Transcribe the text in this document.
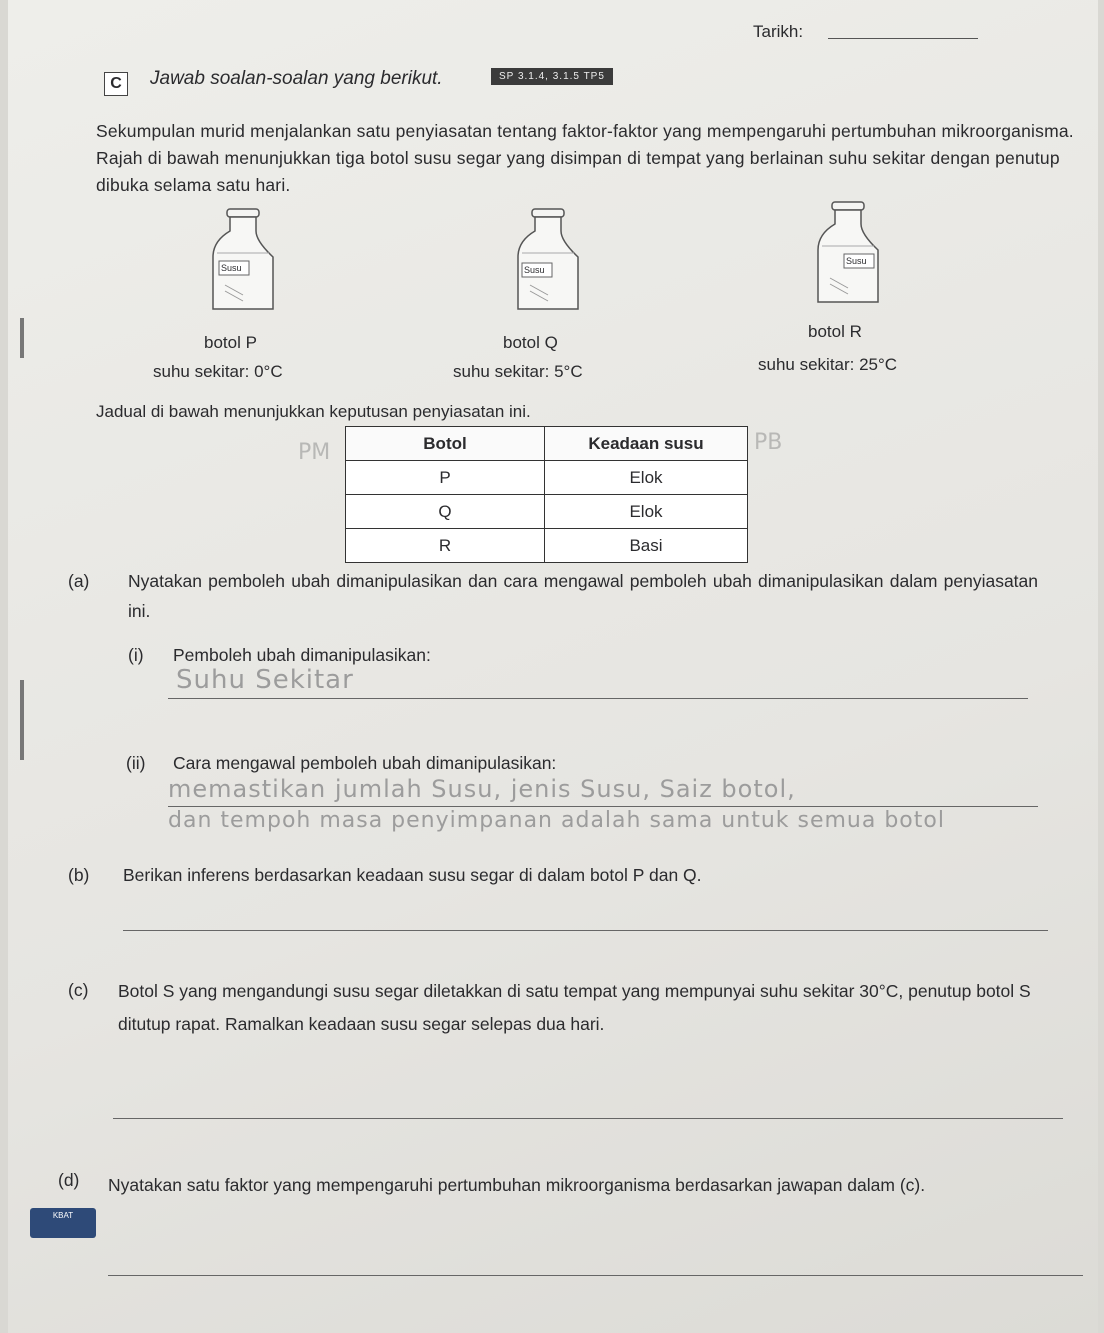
Tarikh:
C	Jawab soalan-soalan yang berikut.	SP 3.1.4, 3.1.5 TP5
Sekumpulan murid menjalankan satu penyiasatan tentang faktor-faktor yang mempengaruhi pertumbuhan mikroorganisma. Rajah di bawah menunjukkan tiga botol susu segar yang disimpan di tempat yang berlainan suhu sekitar dengan penutup dibuka selama satu hari.
Susu
botol P
suhu sekitar: 0°C
Susu
botol Q
suhu sekitar: 5°C
Susu
botol R
suhu sekitar: 25°C
Jadual di bawah menunjukkan keputusan penyiasatan ini.
PM	PB
Botol	Keadaan susu
P	Elok
Q	Elok
R	Basi
(a) Nyatakan pemboleh ubah dimanipulasikan dan cara mengawal pemboleh ubah dimanipulasikan dalam penyiasatan ini.
(i) Pemboleh ubah dimanipulasikan:
Suhu Sekitar
(ii) Cara mengawal pemboleh ubah dimanipulasikan:
memastikan jumlah Susu, jenis Susu, Saiz botol,
dan tempoh masa penyimpanan adalah sama untuk semua botol
(b) Berikan inferens berdasarkan keadaan susu segar di dalam botol P dan Q.
(c) Botol S yang mengandungi susu segar diletakkan di satu tempat yang mempunyai suhu sekitar 30°C, penutup botol S ditutup rapat. Ramalkan keadaan susu segar selepas dua hari.
(d) Nyatakan satu faktor yang mempengaruhi pertumbuhan mikroorganisma berdasarkan jawapan dalam (c).
KBAT
